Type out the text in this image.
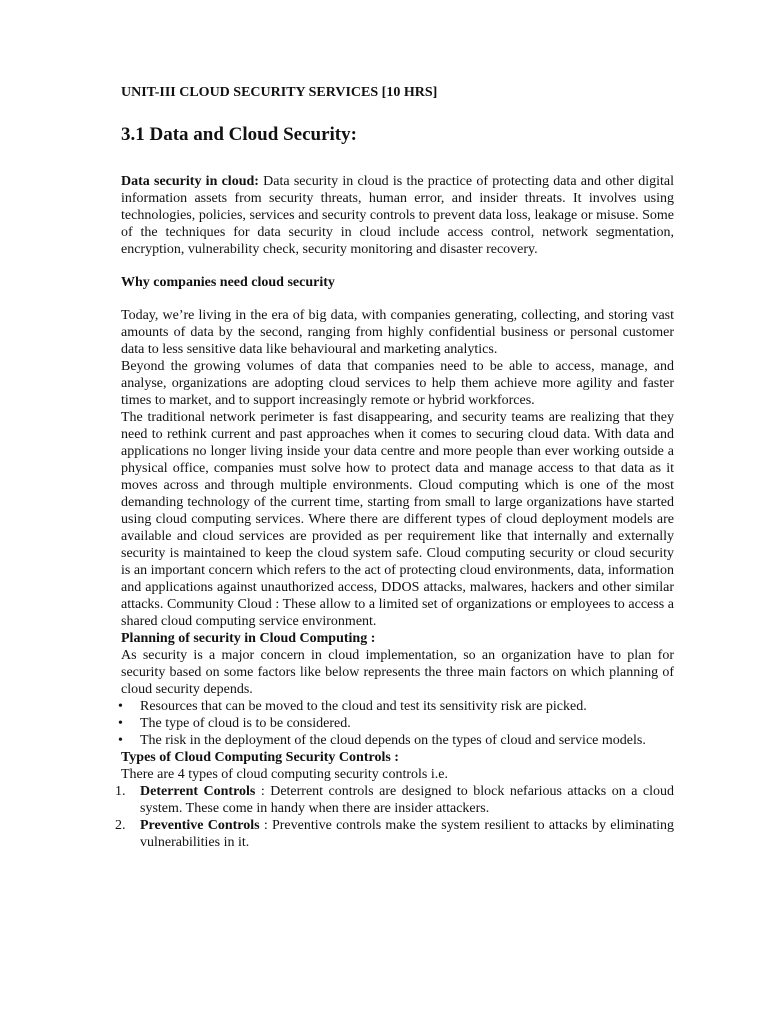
UNIT-III CLOUD SECURITY SERVICES [10 HRS]
3.1 Data and Cloud Security:

Data security in cloud: Data security in cloud is the practice of protecting data and other digital information assets from security threats, human error, and insider threats. It involves using technologies, policies, services and security controls to prevent data loss, leakage or misuse. Some of the techniques for data security in cloud include access control, network segmentation, encryption, vulnerability check, security monitoring and disaster recovery.

Why companies need cloud security

Today, we’re living in the era of big data, with companies generating, collecting, and storing vast amounts of data by the second, ranging from highly confidential business or personal customer data to less sensitive data like behavioural and marketing analytics.

Beyond the growing volumes of data that companies need to be able to access, manage, and analyse, organizations are adopting cloud services to help them achieve more agility and faster times to market, and to support increasingly remote or hybrid workforces.

The traditional network perimeter is fast disappearing, and security teams are realizing that they need to rethink current and past approaches when it comes to securing cloud data. With data and applications no longer living inside your data centre and more people than ever working outside a physical office, companies must solve how to protect data and manage access to that data as it moves across and through multiple environments. Cloud computing which is one of the most demanding technology of the current time, starting from small to large organizations have started using cloud computing services. Where there are different types of cloud deployment models are available and cloud services are provided as per requirement like that internally and externally security is maintained to keep the cloud system safe. Cloud computing security or cloud security is an important concern which refers to the act of protecting cloud environments, data, information and applications against unauthorized access, DDOS attacks, malwares, hackers and other similar attacks. Community Cloud : These allow to a limited set of organizations or employees to access a shared cloud computing service environment.

Planning of security in Cloud Computing :

As security is a major concern in cloud implementation, so an organization have to plan for security based on some factors like below represents the three main factors on which planning of cloud security depends.

• Resources that can be moved to the cloud and test its sensitivity risk are picked.
• The type of cloud is to be considered.
• The risk in the deployment of the cloud depends on the types of cloud and service models.
Types of Cloud Computing Security Controls :

There are 4 types of cloud computing security controls i.e.

1. Deterrent Controls : Deterrent controls are designed to block nefarious attacks on a cloud system. These come in handy when there are insider attackers.
2. Preventive Controls : Preventive controls make the system resilient to attacks by eliminating vulnerabilities in it.
